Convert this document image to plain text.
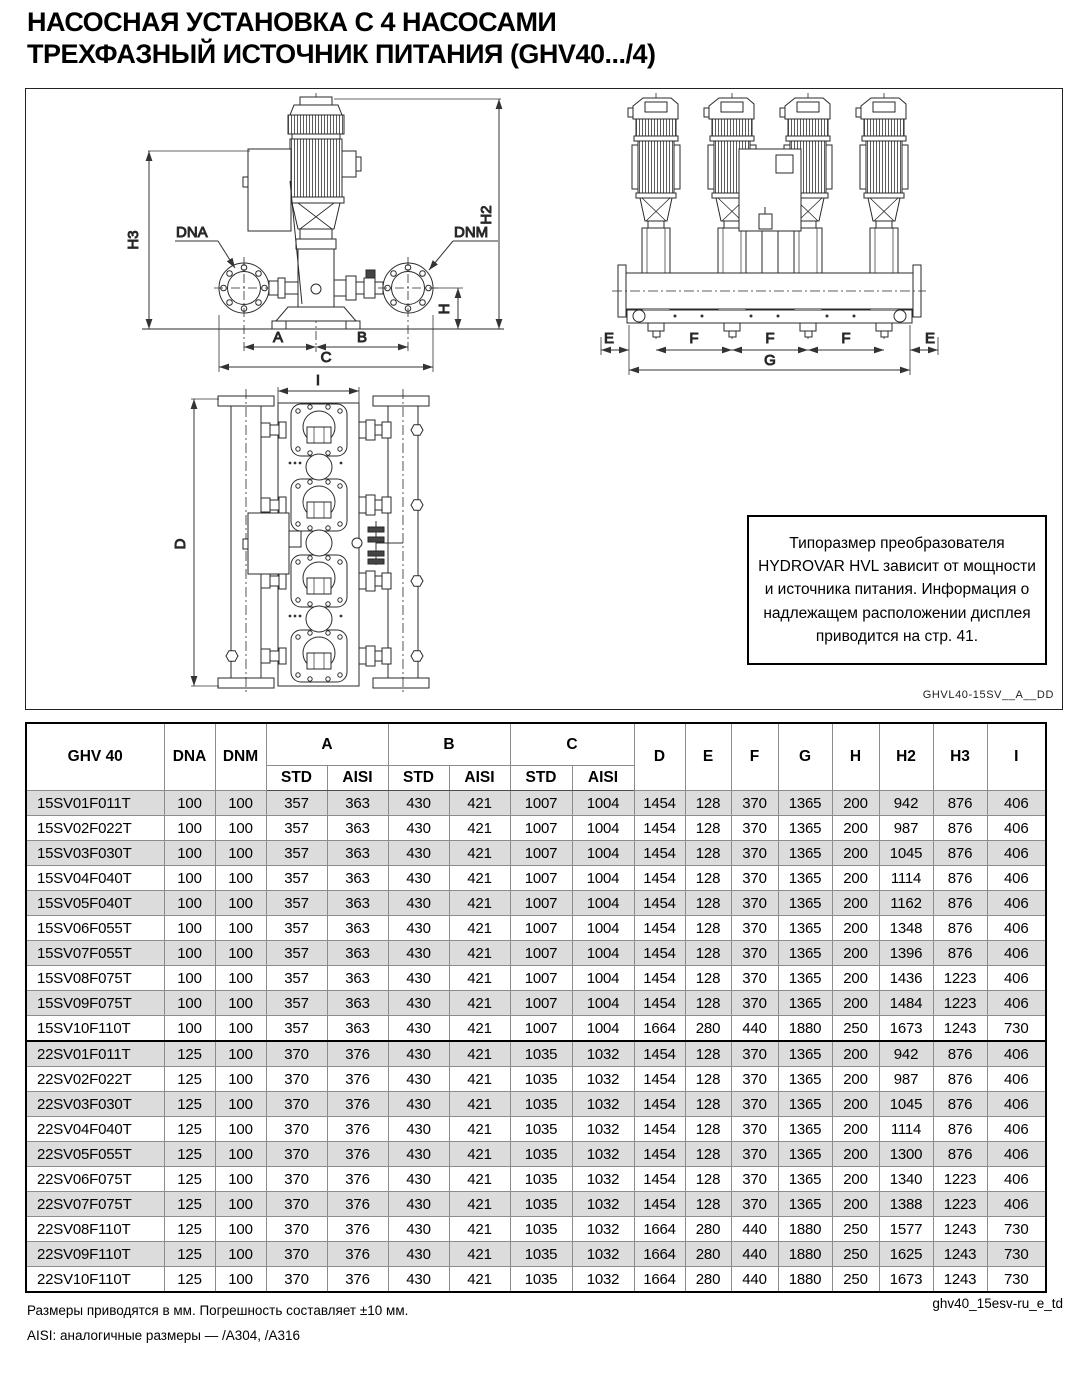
НАСОСНАЯ УСТАНОВКА С 4 НАСОСАМИ
ТРЕХФАЗНЫЙ ИСТОЧНИК ПИТАНИЯ (GHV40.../4)
H3
H2
H
DNA	DNM
A	B
C
E	F	F	F	E
G
D
I
Типоразмер преобразователя HYDROVAR HVL зависит от мощности и источника питания. Информация о надлежащем расположении дисплея приводится на стр. 41.
GHVL40-15SV__A__DD
GHV 40	DNA	DNM	A		B		C		D	E	F	G	H	H2	H3	I
			STD	AISI	STD	AISI	STD	AISI								
15SV01F011T	100	100	357	363	430	421	1007	1004	1454	128	370	1365	200	942	876	406
15SV02F022T	100	100	357	363	430	421	1007	1004	1454	128	370	1365	200	987	876	406
15SV03F030T	100	100	357	363	430	421	1007	1004	1454	128	370	1365	200	1045	876	406
15SV04F040T	100	100	357	363	430	421	1007	1004	1454	128	370	1365	200	1114	876	406
15SV05F040T	100	100	357	363	430	421	1007	1004	1454	128	370	1365	200	1162	876	406
15SV06F055T	100	100	357	363	430	421	1007	1004	1454	128	370	1365	200	1348	876	406
15SV07F055T	100	100	357	363	430	421	1007	1004	1454	128	370	1365	200	1396	876	406
15SV08F075T	100	100	357	363	430	421	1007	1004	1454	128	370	1365	200	1436	1223	406
15SV09F075T	100	100	357	363	430	421	1007	1004	1454	128	370	1365	200	1484	1223	406
15SV10F110T	100	100	357	363	430	421	1007	1004	1664	280	440	1880	250	1673	1243	730
22SV01F011T	125	100	370	376	430	421	1035	1032	1454	128	370	1365	200	942	876	406
22SV02F022T	125	100	370	376	430	421	1035	1032	1454	128	370	1365	200	987	876	406
22SV03F030T	125	100	370	376	430	421	1035	1032	1454	128	370	1365	200	1045	876	406
22SV04F040T	125	100	370	376	430	421	1035	1032	1454	128	370	1365	200	1114	876	406
22SV05F055T	125	100	370	376	430	421	1035	1032	1454	128	370	1365	200	1300	876	406
22SV06F075T	125	100	370	376	430	421	1035	1032	1454	128	370	1365	200	1340	1223	406
22SV07F075T	125	100	370	376	430	421	1035	1032	1454	128	370	1365	200	1388	1223	406
22SV08F110T	125	100	370	376	430	421	1035	1032	1664	280	440	1880	250	1577	1243	730
22SV09F110T	125	100	370	376	430	421	1035	1032	1664	280	440	1880	250	1625	1243	730
22SV10F110T	125	100	370	376	430	421	1035	1032	1664	280	440	1880	250	1673	1243	730
Размеры приводятся в мм. Погрешность составляет ±10 мм.
AISI: аналогичные размеры — /А304, /А316
ghv40_15esv-ru_e_td
